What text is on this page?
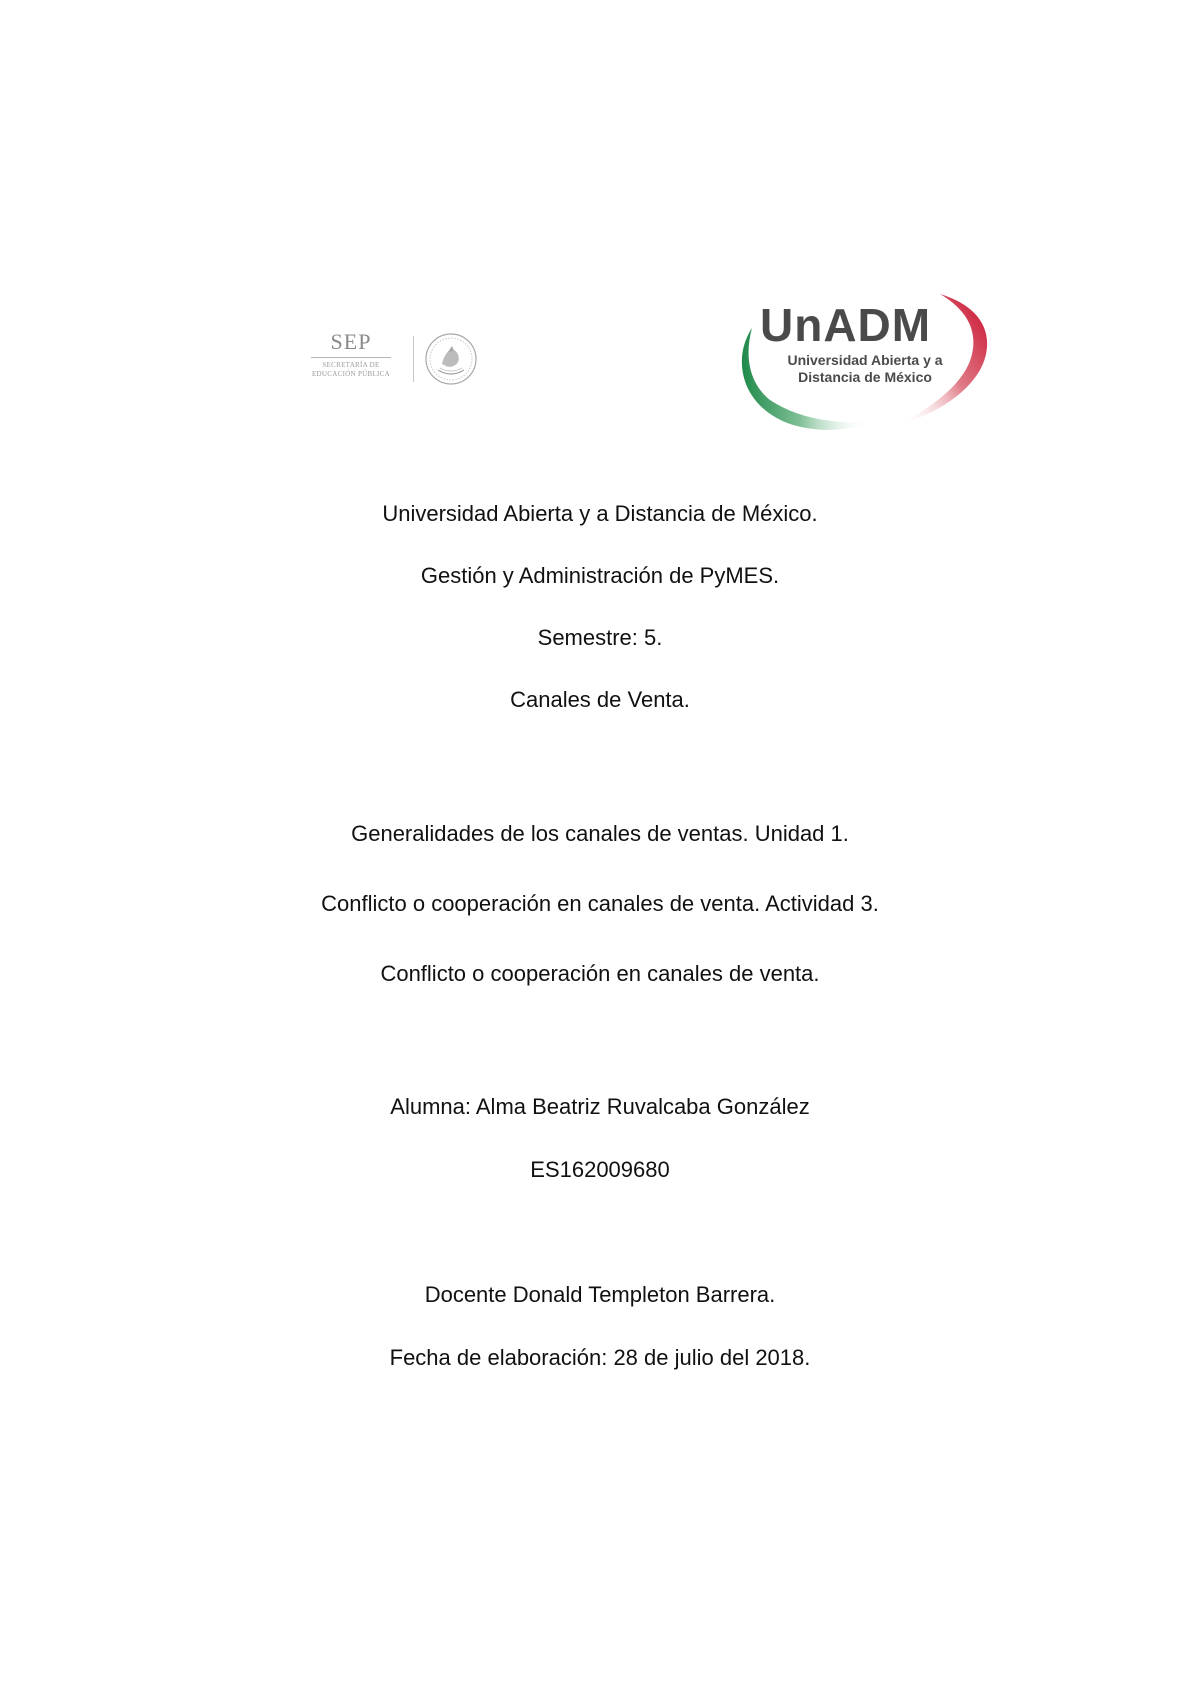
SEP
SECRETARÍA DE
EDUCACIÓN PÚBLICA
UnADM
Universidad Abierta y a
Distancia de México
Universidad Abierta y a Distancia de México.
Gestión y Administración de PyMES.
Semestre: 5.
Canales de Venta.
Generalidades de los canales de ventas. Unidad 1.
Conflicto o cooperación en canales de venta. Actividad 3.
Conflicto o cooperación en canales de venta.
Alumna: Alma Beatriz Ruvalcaba González
ES162009680
Docente Donald Templeton Barrera.
Fecha de elaboración: 28 de julio del 2018.
